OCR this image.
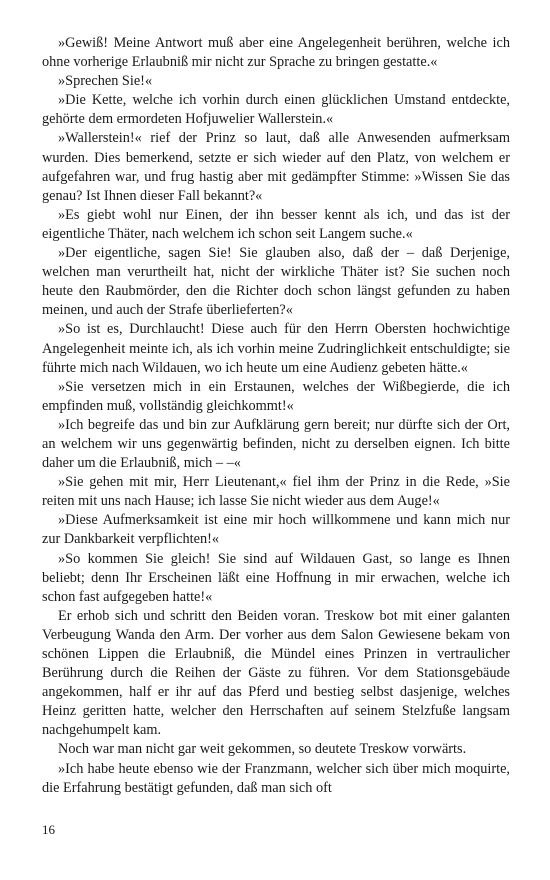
»Gewiß! Meine Antwort muß aber eine Angelegenheit berühren, welche ich ohne vorherige Erlaubniß mir nicht zur Sprache zu bringen gestatte.«

»Sprechen Sie!«

»Die Kette, welche ich vorhin durch einen glücklichen Umstand entdeckte, gehörte dem ermordeten Hofjuwelier Wallerstein.«

»Wallerstein!« rief der Prinz so laut, daß alle Anwesenden aufmerksam wurden. Dies bemerkend, setzte er sich wieder auf den Platz, von welchem er aufgefahren war, und frug hastig aber mit gedämpfter Stimme: »Wissen Sie das genau? Ist Ihnen dieser Fall bekannt?«

»Es giebt wohl nur Einen, der ihn besser kennt als ich, und das ist der eigentliche Thäter, nach welchem ich schon seit Langem suche.«

»Der eigentliche, sagen Sie! Sie glauben also, daß der – daß Derjenige, welchen man verurtheilt hat, nicht der wirkliche Thäter ist? Sie suchen noch heute den Raubmörder, den die Richter doch schon längst gefunden zu haben meinen, und auch der Strafe überlieferten?«

»So ist es, Durchlaucht! Diese auch für den Herrn Obersten hochwichtige Angelegenheit meinte ich, als ich vorhin meine Zudringlichkeit entschuldigte; sie führte mich nach Wildauen, wo ich heute um eine Audienz gebeten hätte.«

»Sie versetzen mich in ein Erstaunen, welches der Wißbegierde, die ich empfinden muß, vollständig gleichkommt!«

»Ich begreife das und bin zur Aufklärung gern bereit; nur dürfte sich der Ort, an welchem wir uns gegenwärtig befinden, nicht zu derselben eignen. Ich bitte daher um die Erlaubniß, mich – –«

»Sie gehen mit mir, Herr Lieutenant,« fiel ihm der Prinz in die Rede, »Sie reiten mit uns nach Hause; ich lasse Sie nicht wieder aus dem Auge!«

»Diese Aufmerksamkeit ist eine mir hoch willkommene und kann mich nur zur Dankbarkeit verpflichten!«

»So kommen Sie gleich! Sie sind auf Wildauen Gast, so lange es Ihnen beliebt; denn Ihr Erscheinen läßt eine Hoffnung in mir erwachen, welche ich schon fast aufgegeben hatte!«

Er erhob sich und schritt den Beiden voran. Treskow bot mit einer galanten Verbeugung Wanda den Arm. Der vorher aus dem Salon Gewiesene bekam von schönen Lippen die Erlaubniß, die Mündel eines Prinzen in vertraulicher Berührung durch die Reihen der Gäste zu führen. Vor dem Stationsgebäude angekommen, half er ihr auf das Pferd und bestieg selbst dasjenige, welches Heinz geritten hatte, welcher den Herrschaften auf seinem Stelzfuße langsam nachgehumpelt kam.

Noch war man nicht gar weit gekommen, so deutete Treskow vorwärts.

»Ich habe heute ebenso wie der Franzmann, welcher sich über mich moquirte, die Erfahrung bestätigt gefunden, daß man sich oft

16
